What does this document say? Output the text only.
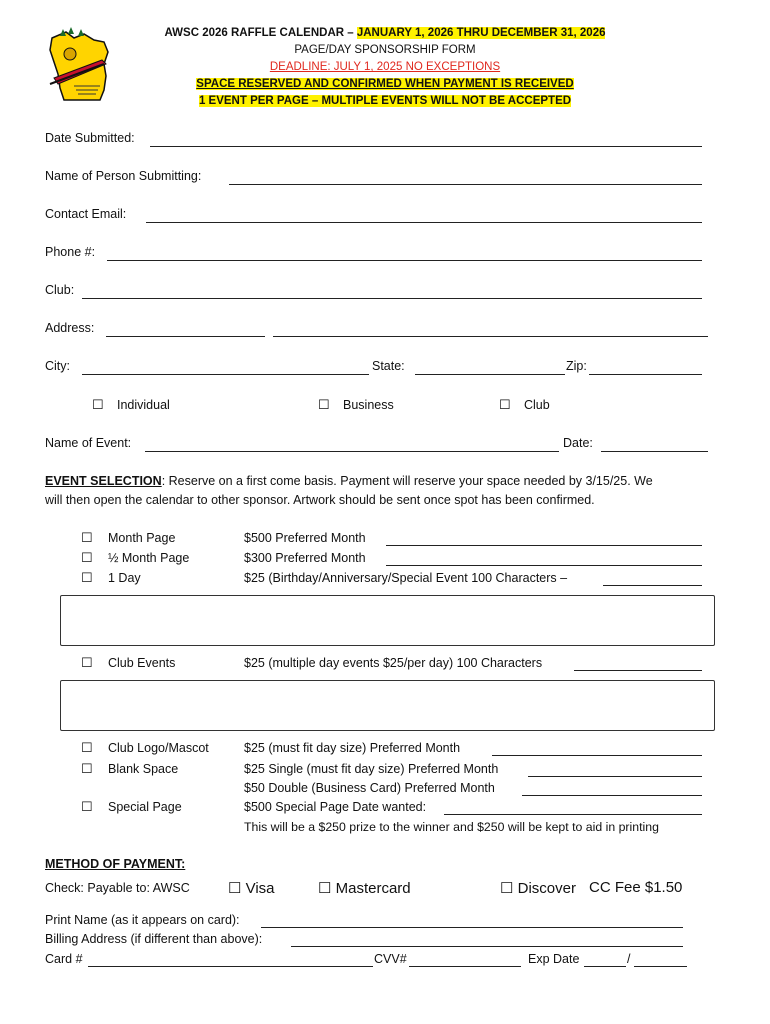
AWSC 2026 RAFFLE CALENDAR – JANUARY 1, 2026 THRU DECEMBER 31, 2026
PAGE/DAY SPONSORSHIP FORM
DEADLINE: JULY 1, 2025 NO EXCEPTIONS
SPACE RESERVED AND CONFIRMED WHEN PAYMENT IS RECEIVED
1 EVENT PER PAGE – MULTIPLE EVENTS WILL NOT BE ACCEPTED
Date Submitted:
Name of Person Submitting:
Contact Email:
Phone #:
Club:
Address:
City:	State:	Zip:
☐ Individual	☐ Business	☐ Club
Name of Event:	Date:
EVENT SELECTION: Reserve on a first come basis. Payment will reserve your space needed by 3/15/25. We
will then open the calendar to other sponsor. Artwork should be sent once spot has been confirmed.
☐ Month Page	$500 Preferred Month
☐ ½ Month Page	$300 Preferred Month
☐ 1 Day	$25 (Birthday/Anniversary/Special Event 100 Characters –
☐ Club Events	$25 (multiple day events $25/per day) 100 Characters
☐ Club Logo/Mascot	$25 (must fit day size) Preferred Month
☐ Blank Space	$25 Single (must fit day size) Preferred Month
$50 Double (Business Card) Preferred Month
☐ Special Page	$500 Special Page Date wanted:
This will be a $250 prize to the winner and $250 will be kept to aid in printing
METHOD OF PAYMENT:
Check: Payable to: AWSC	☐ Visa	☐ Mastercard	☐ Discover CC Fee $1.50
Print Name (as it appears on card):
Billing Address (if different than above):
Card #	CVV#	Exp Date	/
